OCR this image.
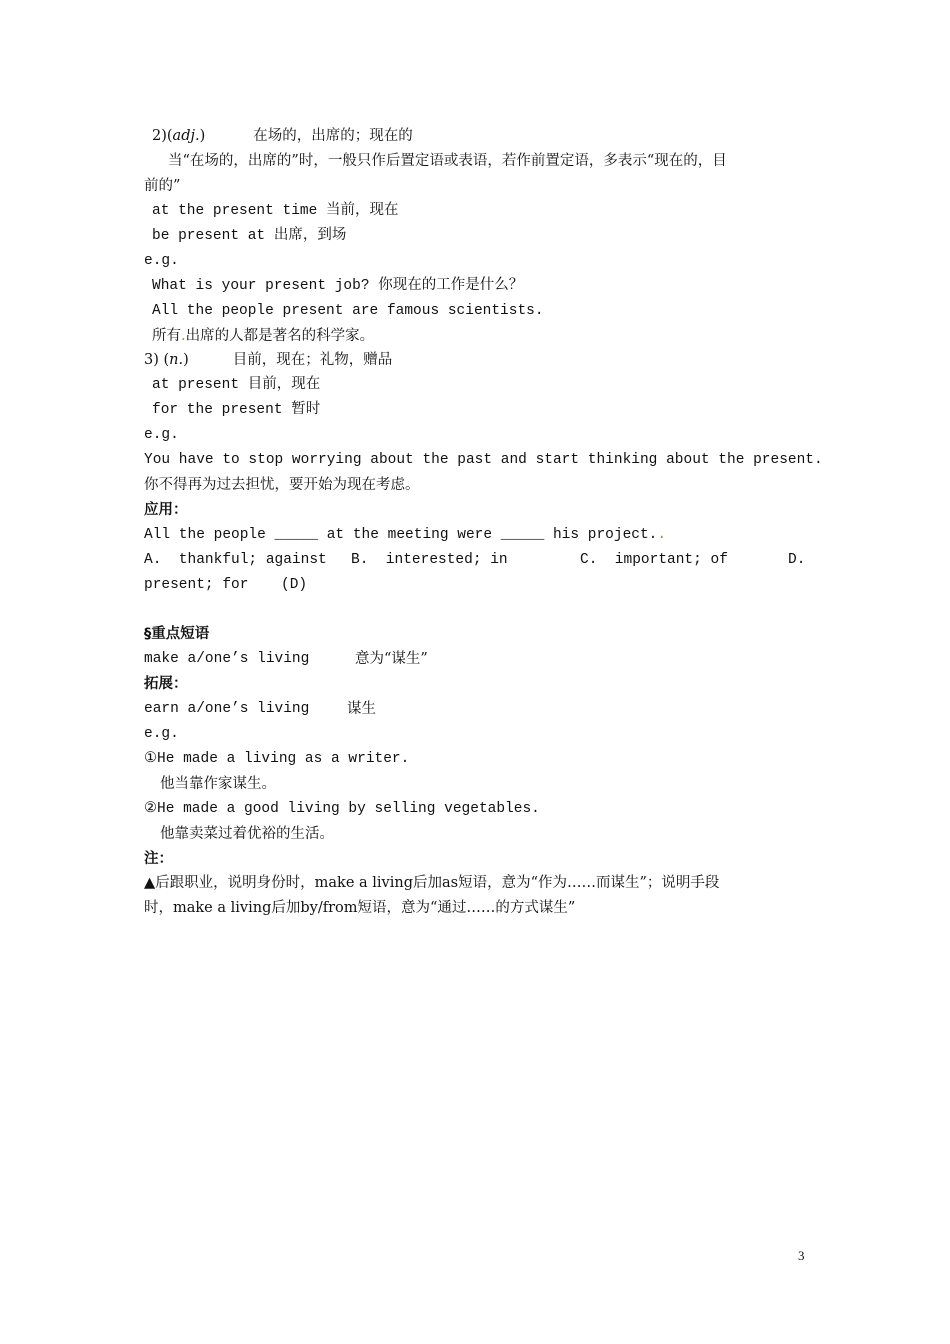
2)(adj.)	在场的，出席的；现在的
当“在场的，出席的”时，一般只作后置定语或表语，若作前置定语，多表示“现在的，目
前的”
at the present time 当前，现在
be present at 出席，到场
e.g.
What is your present job? 你现在的工作是什么？
All the people present are famous scientists.
所有.出席的人都是著名的科学家。
3) (n.)	目前，现在；礼物，赠品
at present 目前，现在
for the present 暂时
e.g.
You have to stop worrying about the past and start thinking about the present.
你不得再为过去担忧，要开始为现在考虑。
应用：
All the people _____ at the meeting were _____ his project..
A.  thankful; against B.  interested; in	C.  important; of	D.
present; for (D)
§重点短语
make a/one’s living	意为“谋生”
拓展：
earn a/one’s living	谋生
e.g.
①He made a living as a writer.
他当靠作家谋生。
②He made a good living by selling vegetables.
他靠卖菜过着优裕的生活。
注：
▲后跟职业，说明身份时，make a living后加as短语，意为“作为……而谋生”；说明手段
时，make a living后加by/from短语，意为“通过……的方式谋生”
3
